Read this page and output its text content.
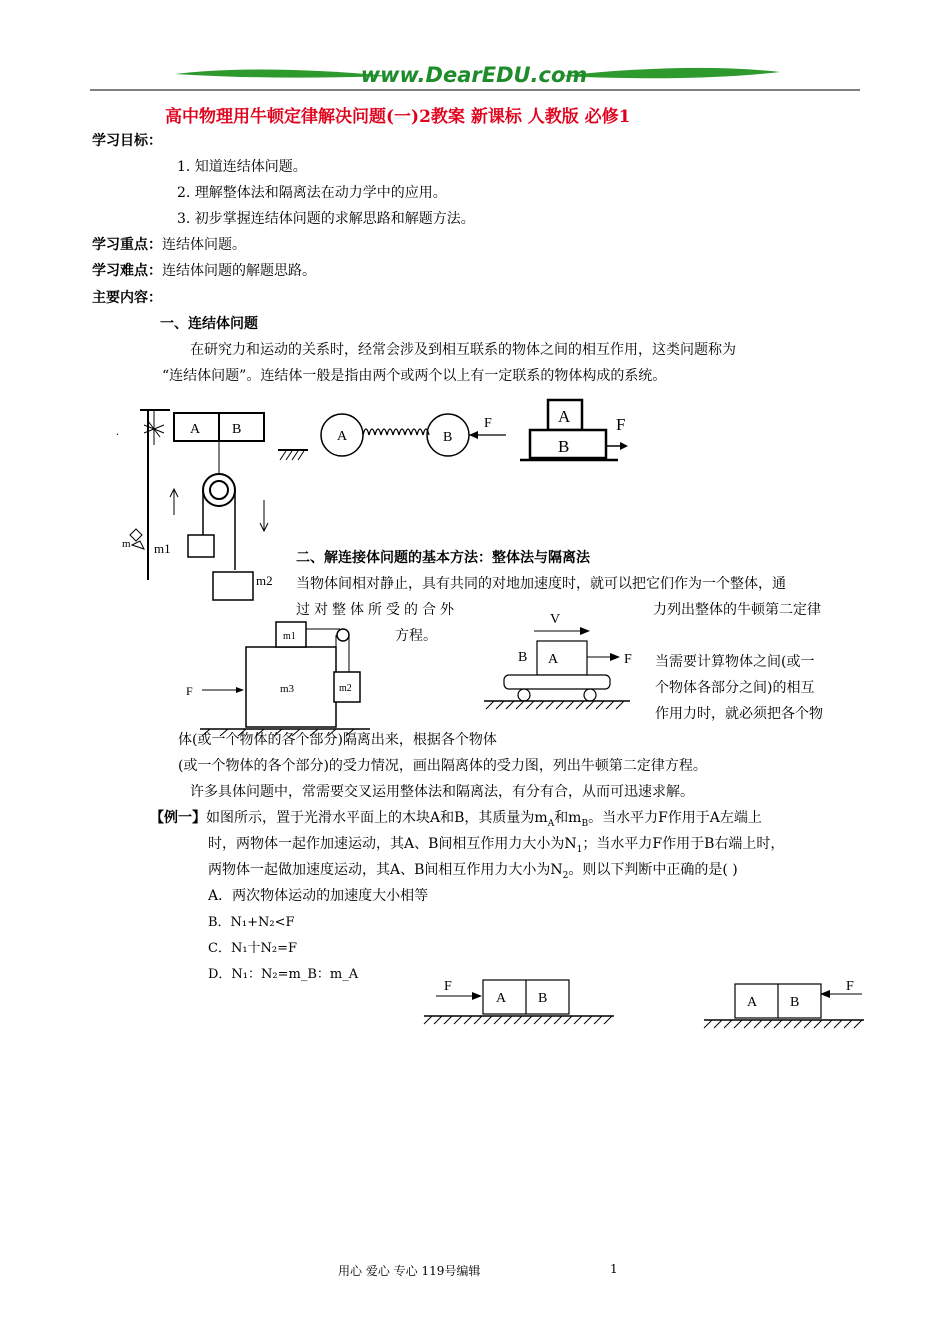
www.DearEDU.com
高中物理用牛顿定律解决问题(一)2教案 新课标 人教版 必修1
学习目标：
1. 知道连结体问题。
2. 理解整体法和隔离法在动力学中的应用。
3. 初步掌握连结体问题的求解思路和解题方法。
学习重点：连结体问题。
学习难点：连结体问题的解题思路。
主要内容：
一、连结体问题
在研究力和运动的关系时，经常会涉及到相互联系的物体之间的相互作用，这类问题称为
“连结体问题”。连结体一般是指由两个或两个以上有一定联系的物体构成的系统。
.	A B
m m1
m2
A	B
F	A
B
F
二、解连接体问题的基本方法：整体法与隔离法
当物体间相对静止，具有共同的对地加速度时，就可以把它们作为一个整体，通
过对整体所受的合外	力列出整体的牛顿第二定律
方程。
F
m1
m3	m2
V
A
B	F 当需要计算物体之间(或一
个物体各部分之间)的相互
作用力时，就必须把各个物
体(或一个物体的各个部分)隔离出来，根据各个物体
(或一个物体的各个部分)的受力情况，画出隔离体的受力图，列出牛顿第二定律方程。
许多具体问题中，常需要交叉运用整体法和隔离法，有分有合，从而可迅速求解。
【例一】如图所示，置于光滑水平面上的木块A和B，其质量为$m_A$和$m_B$。当水平力F作用于A左端上
时，两物体一起作加速运动，其A、B间相互作用力大小为$N_1$；当水平力F作用于B右端上时，
两物体一起做加速度运动，其A、B间相互作用力大小为$N_2$。则以下判断中正确的是( )
A．两次物体运动的加速度大小相等
B．N₁+N₂<F
C．N₁十N₂=F
D．N₁：N₂=m_B：m_A
F
A B	A B
F
用心 爱心 专心 119号编辑	1
